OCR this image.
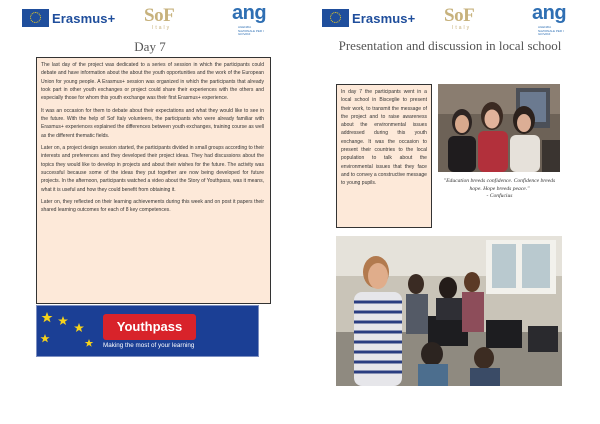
Erasmus+ SoF
Italy
ang
AGENZIA NAZIONALE PER I GIOVANI
Day 7

The last day of the project was dedicated to a series of session in which the participants could debate and have information about the about the youth opportunities and the work of the European Union for young people. A Erasmus+ session was organized in which the participants that already took part in other youth exchanges or project could share their experiences with the others and especially those for whom this youth exchange was their first Erasmus+ experience.

It was an occasion for them to debate about their expectations and what they would like to see in the future. With the help of Sof Italy volunteers, the participants who were already familiar with Erasmus+ experiences explained the differences between youth exchanges, training course as well as the different thematic fields.

Later on, a project design session started, the participants divided in small groups according to their interests and preferences and they developed their project ideas. They had discussions about the topics they would like to develop in projects and about their wishes for the future. The activity was successful because some of the ideas they put together are now being developed for future projects. In the afternoon, participants watched a video about the Story of Youthpass, was it means, what it is useful and how they could benefit from obtaining it.

Later on, they reflected on their learning achievements during this week and on post it papers their shared learning outcomes for each of 8 key competences.

Youthpass
Making the most of your learning
Erasmus+ SoF
Italy
ang
AGENZIA NAZIONALE PER I GIOVANI
Presentation and discussion in local school

In day 7 the participants went in a local school in Bisceglie to present their work, to transmit the message of the project and to raise awareness about the environmental issues addressed during this youth exchange. It was the occasion to present their countries to the local population to talk about the environmental issues that they face and to convey a constructive message to young pupils.	"Education breeds confidence. Confidence breeds hope. Hope breeds peace."
- Confucius
